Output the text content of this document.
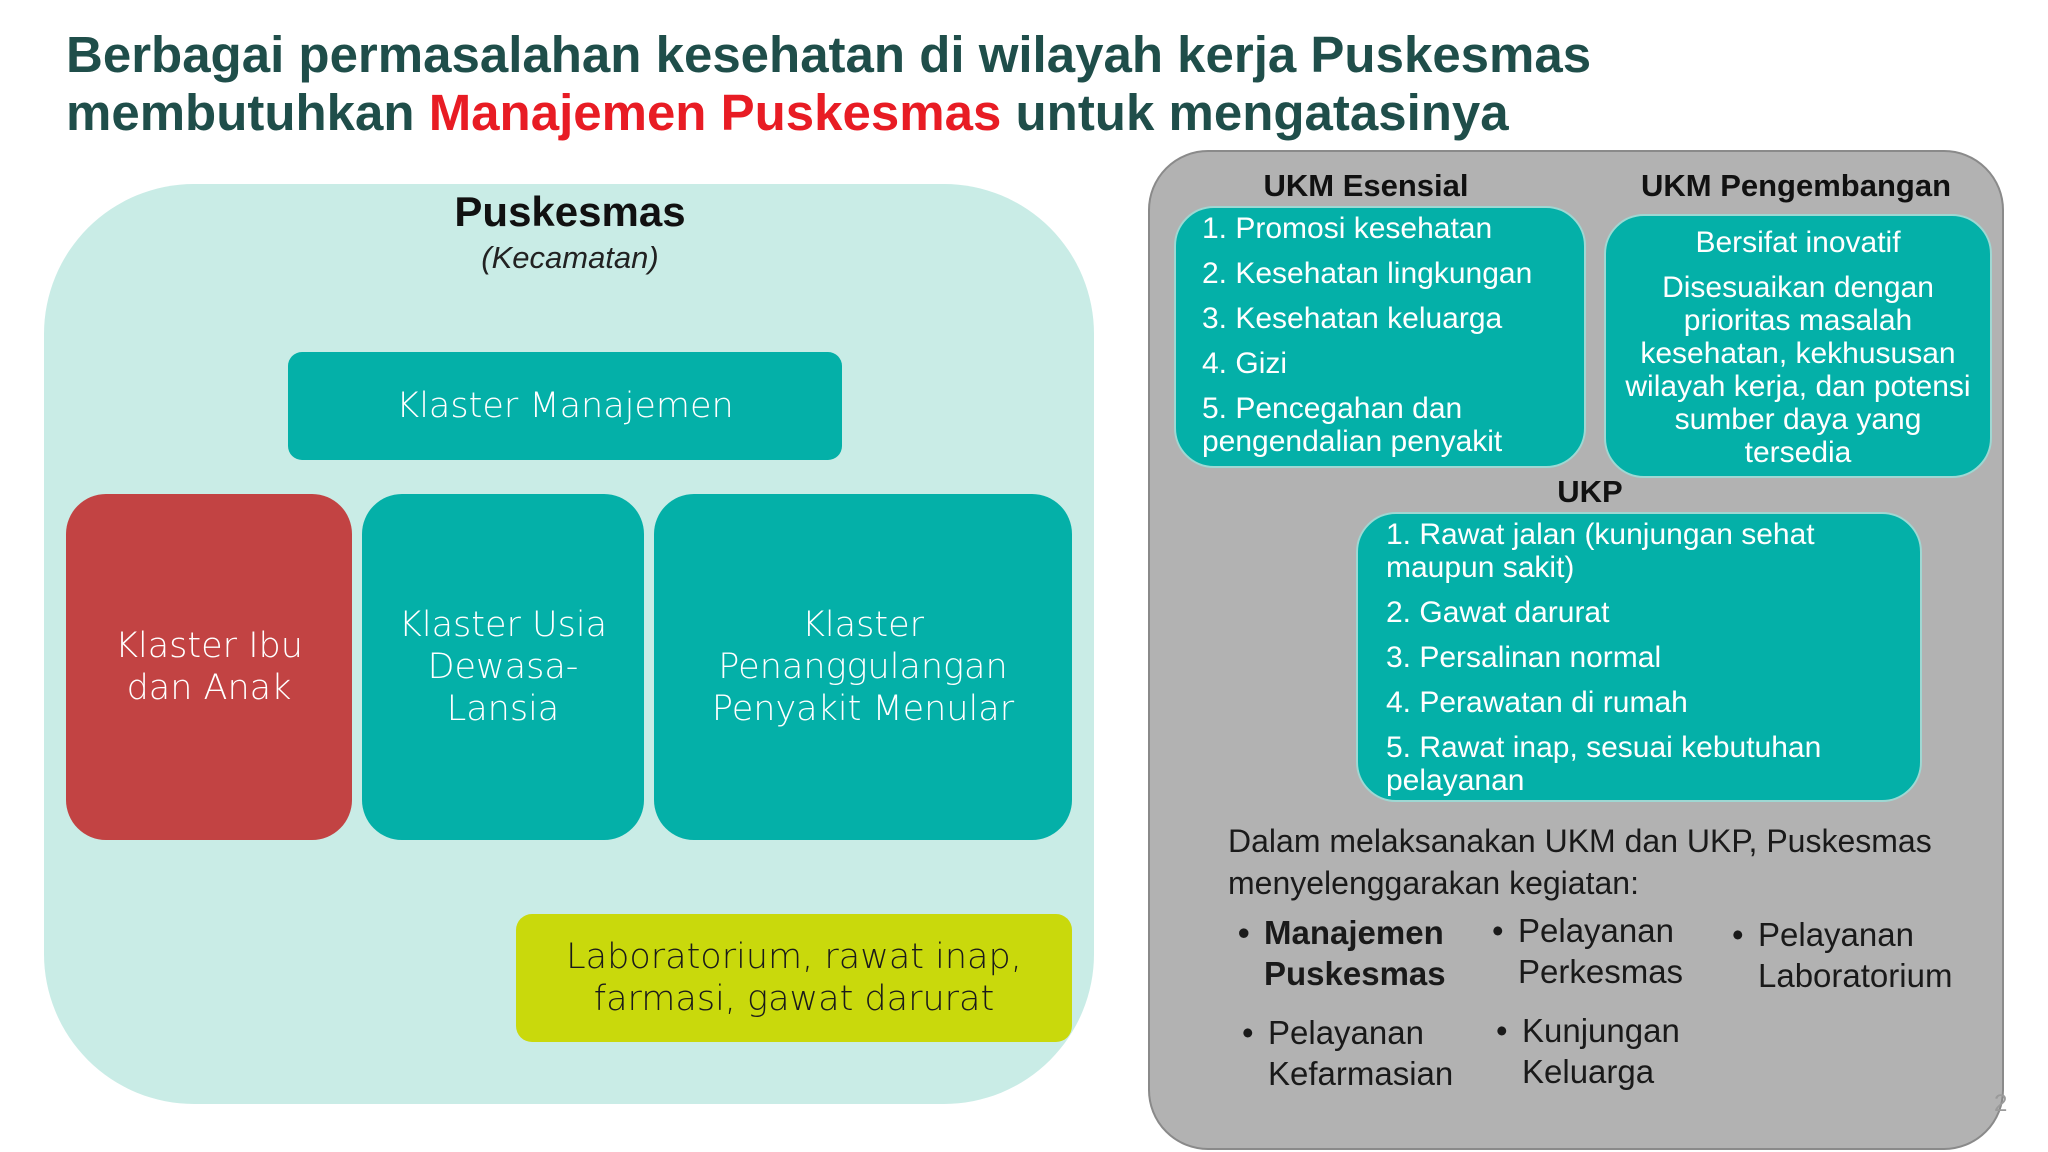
Berbagai permasalahan kesehatan di wilayah kerja Puskesmas
membutuhkan Manajemen Puskesmas untuk mengatasinya
Puskesmas
(Kecamatan)
Klaster Manajemen
Klaster Ibu dan Anak
Klaster Usia Dewasa-Lansia
Klaster Penanggulangan Penyakit Menular
Laboratorium, rawat inap, farmasi, gawat darurat
UKM Esensial	UKM Pengembangan
1. Promosi kesehatan
2. Kesehatan lingkungan
3. Kesehatan keluarga
4. Gizi
5. Pencegahan dan pengendalian penyakit
Bersifat inovatif
Disesuaikan dengan prioritas masalah kesehatan, kekhususan wilayah kerja, dan potensi sumber daya yang tersedia
UKP
1. Rawat jalan (kunjungan sehat maupun sakit)
2. Gawat darurat
3. Persalinan normal
4. Perawatan di rumah
5. Rawat inap, sesuai kebutuhan pelayanan
Dalam melaksanakan UKM dan UKP, Puskesmas menyelenggarakan kegiatan:
• Manajemen Puskesmas
• Pelayanan Perkesmas
• Pelayanan Laboratorium
• Pelayanan Kefarmasian
• Kunjungan Keluarga
2
